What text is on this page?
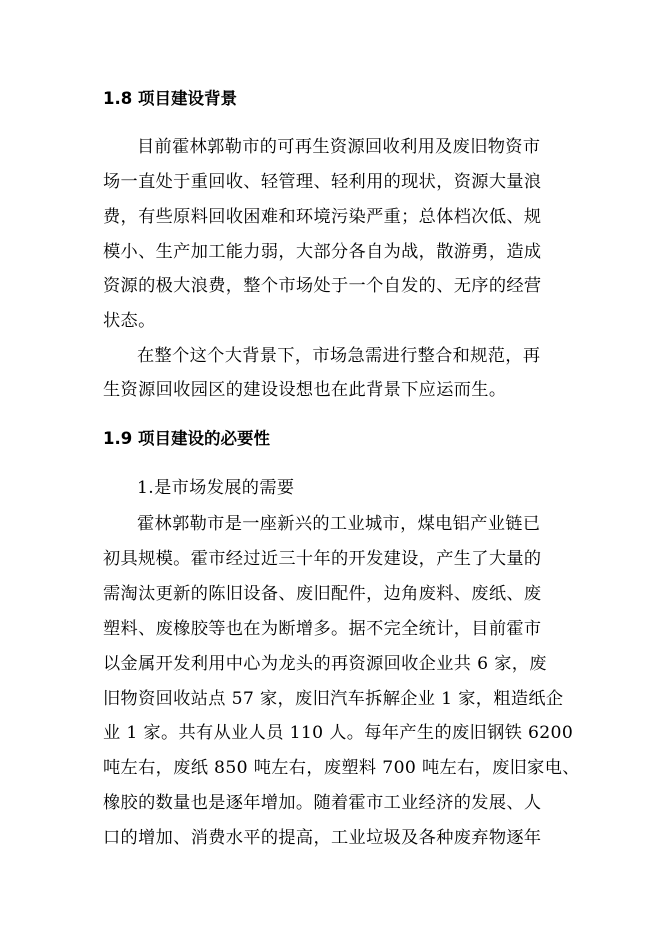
1.8 项目建设背景
目前霍林郭勒市的可再生资源回收利用及废旧物资市
场一直处于重回收、轻管理、轻利用的现状，资源大量浪
费，有些原料回收困难和环境污染严重；总体档次低、规
模小、生产加工能力弱，大部分各自为战，散游勇，造成
资源的极大浪费，整个市场处于一个自发的、无序的经营
状态。
在整个这个大背景下，市场急需进行整合和规范，再
生资源回收园区的建设设想也在此背景下应运而生。
1.9 项目建设的必要性
1.是市场发展的需要
霍林郭勒市是一座新兴的工业城市，煤电铝产业链已
初具规模。霍市经过近三十年的开发建设，产生了大量的
需淘汰更新的陈旧设备、废旧配件，边角废料、废纸、废
塑料、废橡胶等也在为断增多。据不完全统计，目前霍市
以金属开发利用中心为龙头的再资源回收企业共 6 家，废
旧物资回收站点 57 家，废旧汽车拆解企业 1 家，粗造纸企
业 1 家。共有从业人员 110 人。每年产生的废旧钢铁 6200
吨左右，废纸 850 吨左右，废塑料 700 吨左右，废旧家电、
橡胶的数量也是逐年增加。随着霍市工业经济的发展、人
口的增加、消费水平的提高，工业垃圾及各种废弃物逐年
